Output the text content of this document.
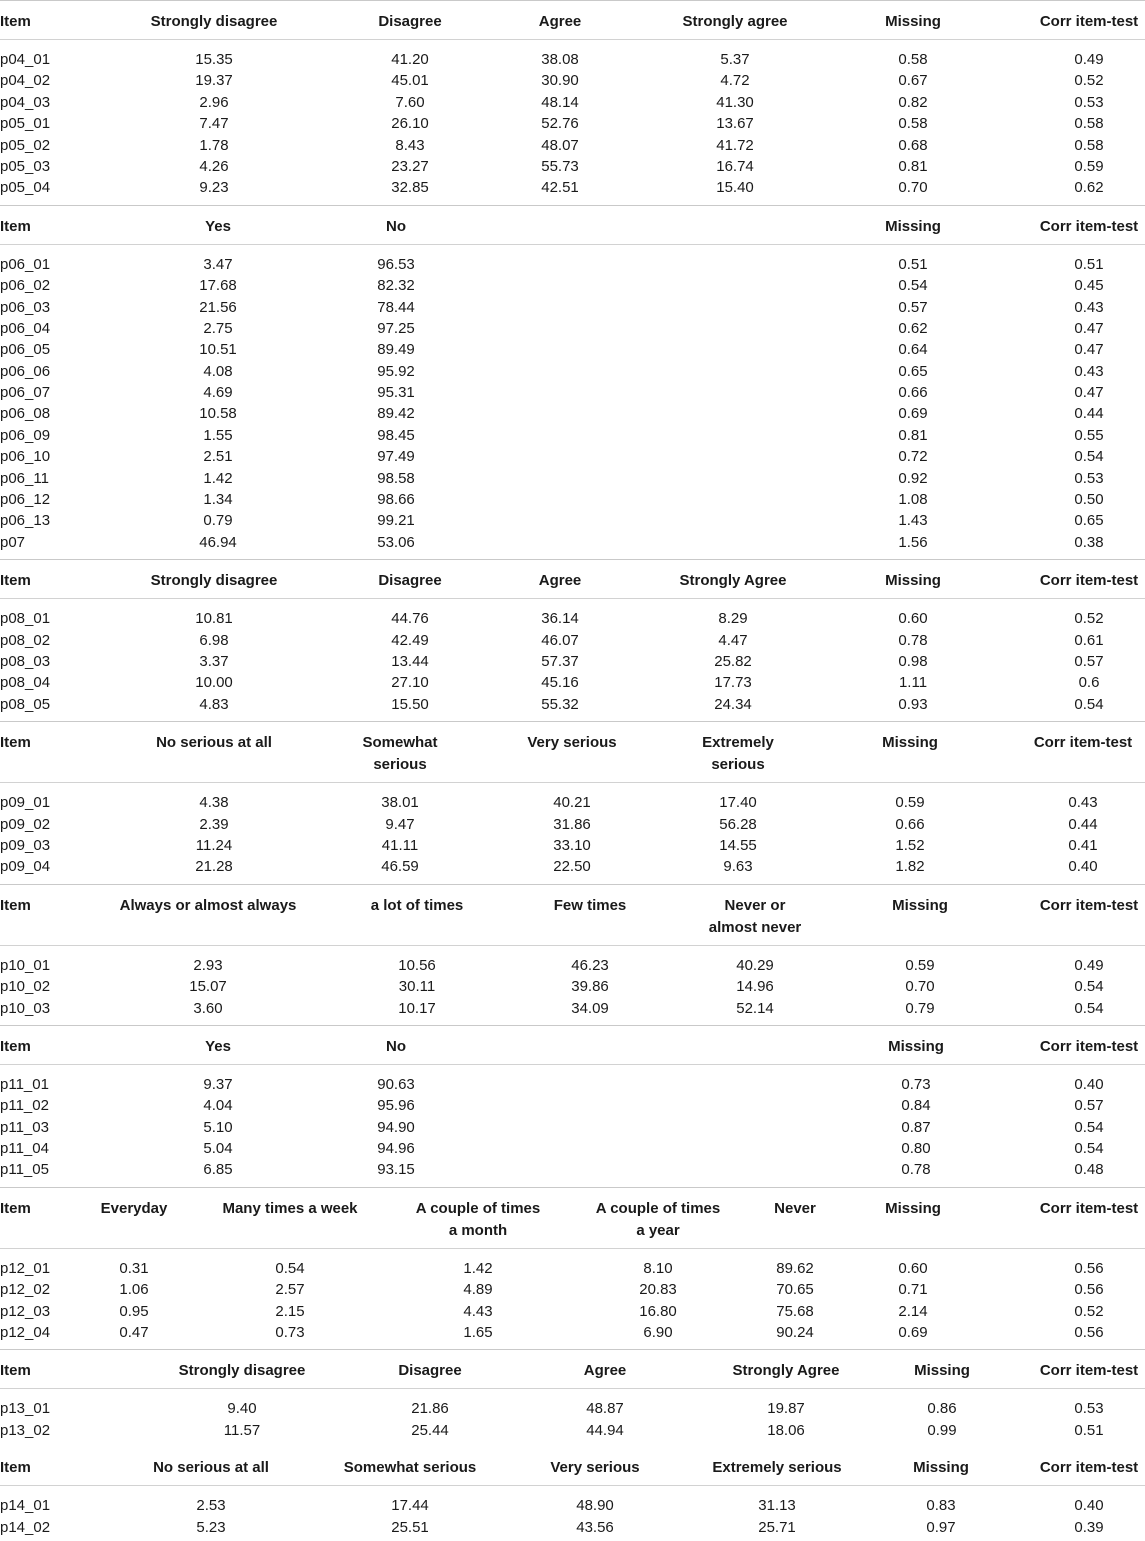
Item	Strongly disagree	Disagree	Agree	Strongly agree	Missing	Corr item-test
p04_01	15.35	41.20	38.08	5.37	0.58	0.49
p04_02	19.37	45.01	30.90	4.72	0.67	0.52
p04_03	2.96	7.60	48.14	41.30	0.82	0.53
p05_01	7.47	26.10	52.76	13.67	0.58	0.58
p05_02	1.78	8.43	48.07	41.72	0.68	0.58
p05_03	4.26	23.27	55.73	16.74	0.81	0.59
p05_04	9.23	32.85	42.51	15.40	0.70	0.62
Item	Yes	No	Missing	Corr item-test
p06_01	3.47	96.53	0.51	0.51
p06_02	17.68	82.32	0.54	0.45
p06_03	21.56	78.44	0.57	0.43
p06_04	2.75	97.25	0.62	0.47
p06_05	10.51	89.49	0.64	0.47
p06_06	4.08	95.92	0.65	0.43
p06_07	4.69	95.31	0.66	0.47
p06_08	10.58	89.42	0.69	0.44
p06_09	1.55	98.45	0.81	0.55
p06_10	2.51	97.49	0.72	0.54
p06_11	1.42	98.58	0.92	0.53
p06_12	1.34	98.66	1.08	0.50
p06_13	0.79	99.21	1.43	0.65
p07	46.94	53.06	1.56	0.38
Item	Strongly disagree	Disagree	Agree	Strongly Agree	Missing	Corr item-test
p08_01	10.81	44.76	36.14	8.29	0.60	0.52
p08_02	6.98	42.49	46.07	4.47	0.78	0.61
p08_03	3.37	13.44	57.37	25.82	0.98	0.57
p08_04	10.00	27.10	45.16	17.73	1.11	0.6
p08_05	4.83	15.50	55.32	24.34	0.93	0.54
Item	No serious at all	Somewhat
serious
Very serious	Extremely
serious
Missing	Corr item-test
p09_01	4.38	38.01	40.21	17.40	0.59	0.43
p09_02	2.39	9.47	31.86	56.28	0.66	0.44
p09_03	11.24	41.11	33.10	14.55	1.52	0.41
p09_04	21.28	46.59	22.50	9.63	1.82	0.40
Item	Always or almost always	a lot of times	Few times	Never or
almost never
Missing	Corr item-test
p10_01	2.93	10.56	46.23	40.29	0.59	0.49
p10_02	15.07	30.11	39.86	14.96	0.70	0.54
p10_03	3.60	10.17	34.09	52.14	0.79	0.54
Item	Yes	No	Missing	Corr item-test
p11_01	9.37	90.63	0.73	0.40
p11_02	4.04	95.96	0.84	0.57
p11_03	5.10	94.90	0.87	0.54
p11_04	5.04	94.96	0.80	0.54
p11_05	6.85	93.15	0.78	0.48
Item	Everyday	Many times a week	A couple of times
a month
A couple of times
a year
Never	Missing	Corr item-test
p12_01	0.31	0.54	1.42	8.10	89.62	0.60	0.56
p12_02	1.06	2.57	4.89	20.83	70.65	0.71	0.56
p12_03	0.95	2.15	4.43	16.80	75.68	2.14	0.52
p12_04	0.47	0.73	1.65	6.90	90.24	0.69	0.56
Item	Strongly disagree	Disagree	Agree	Strongly Agree	Missing	Corr item-test
p13_01	9.40	21.86	48.87	19.87	0.86	0.53
p13_02	11.57	25.44	44.94	18.06	0.99	0.51
Item	No serious at all	Somewhat serious	Very serious	Extremely serious	Missing	Corr item-test
p14_01	2.53	17.44	48.90	31.13	0.83	0.40
p14_02	5.23	25.51	43.56	25.71	0.97	0.39
